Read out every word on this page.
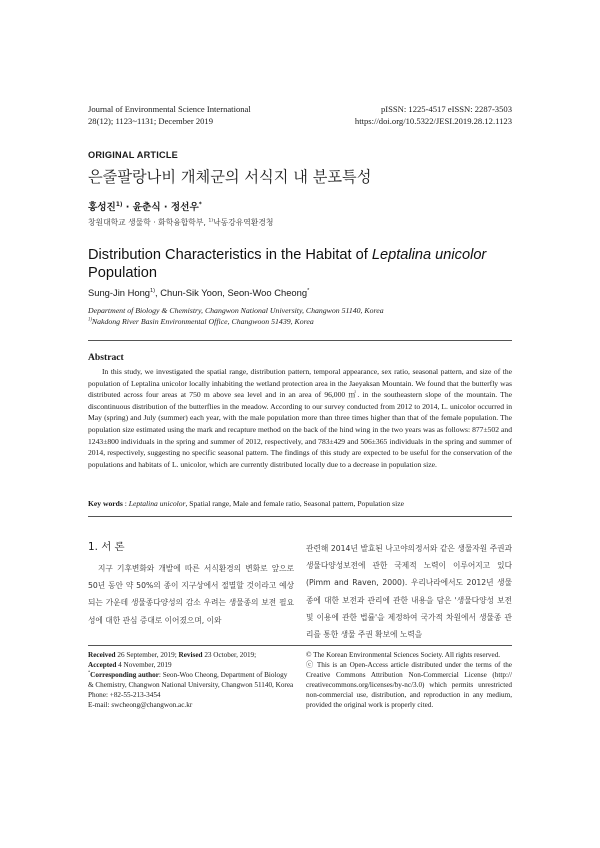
Journal of Environmental Science International
28(12); 1123~1131; December 2019
pISSN: 1225-4517 eISSN: 2287-3503
https://doi.org/10.5322/JESI.2019.28.12.1123
ORIGINAL ARTICLE
은줄팔랑나비 개체군의 서식지 내 분포특성
홍성진$^{1)}$ · 윤춘식 · 정선우*
창원대학교 생물학 · 화학융합학부, $^{1)}$낙동강유역환경청
Distribution Characteristics in the Habitat of Leptalina unicolor Population
Sung-Jin Hong$^{1)}$, Chun-Sik Yoon, Seon-Woo Cheong*
Department of Biology & Chemistry, Changwon National University, Changwon 51140, Korea
$^{1)}$Nakdong River Basin Environmental Office, Changwoon 51439, Korea
Abstract
In this study, we investigated the spatial range, distribution pattern, temporal appearance, sex ratio, seasonal pattern, and size of the population of Leptalina unicolor locally inhabiting the wetland protection area in the Jaeyaksan Mountain. We found that the butterfly was distributed across four areas at 750 m above sea level and in an area of 96,000 ㎡. in the southeastern slope of the mountain. The discontinuous distribution of the butterflies in the meadow. According to our survey conducted from 2012 to 2014, L. unicolor occurred in May (spring) and July (summer) each year, with the male population more than three times higher than that of the female population. The population size estimated using the mark and recapture method on the back of the hind wing in the two years was as follows: 877±502 and 1243±800 individuals in the spring and summer of 2012, respectively, and 783±429 and 506±365 individuals in the spring and summer of 2014, respectively, suggesting no specific seasonal pattern. The findings of this study are expected to be useful for the conservation of the populations and habitats of L. unicolor, which are currently distributed locally due to a decrease in population size.
Key words : Leptalina unicolor, Spatial range, Male and female ratio, Seasonal pattern, Population size
1. 서 론
지구 기후변화와 개발에 따른 서식환경의 변화로 앞으로 50년 동안 약 50%의 종이 지구상에서 절멸할 것이라고 예상되는 가운데 생물종다양성의 감소 우려는 생물종의 보전 필요성에 대한 관심 증대로 이어졌으며, 이와
관련해 2014년 발효된 나고야의정서와 같은 생물자원 주권과 생물다양성보전에 관한 국제적 노력이 이루어지고 있다(Pimm and Raven, 2000). 우리나라에서도 2012년 생물종에 대한 보전과 관리에 관한 내용을 담은 '생물다양성 보전 및 이용에 관한 법률'을 제정하여 국가적 차원에서 생물종 관리를 통한 생물 주권 확보에 노력을
Received 26 September, 2019; Revised 23 October, 2019;
Accepted 4 November, 2019
*Corresponding author: Seon-Woo Cheong, Department of Biology & Chemistry, Changwon National University, Changwon 51140, Korea
Phone: +82-55-213-3454
E-mail: swcheong@changwon.ac.kr
© The Korean Environmental Sciences Society. All rights reserved.
ⓒ This is an Open-Access article distributed under the terms of the Creative Commons Attribution Non-Commercial License (http:// creativecommons.org/licenses/by-nc/3.0) which permits unrestricted non-commercial use, distribution, and reproduction in any medium, provided the original work is properly cited.
